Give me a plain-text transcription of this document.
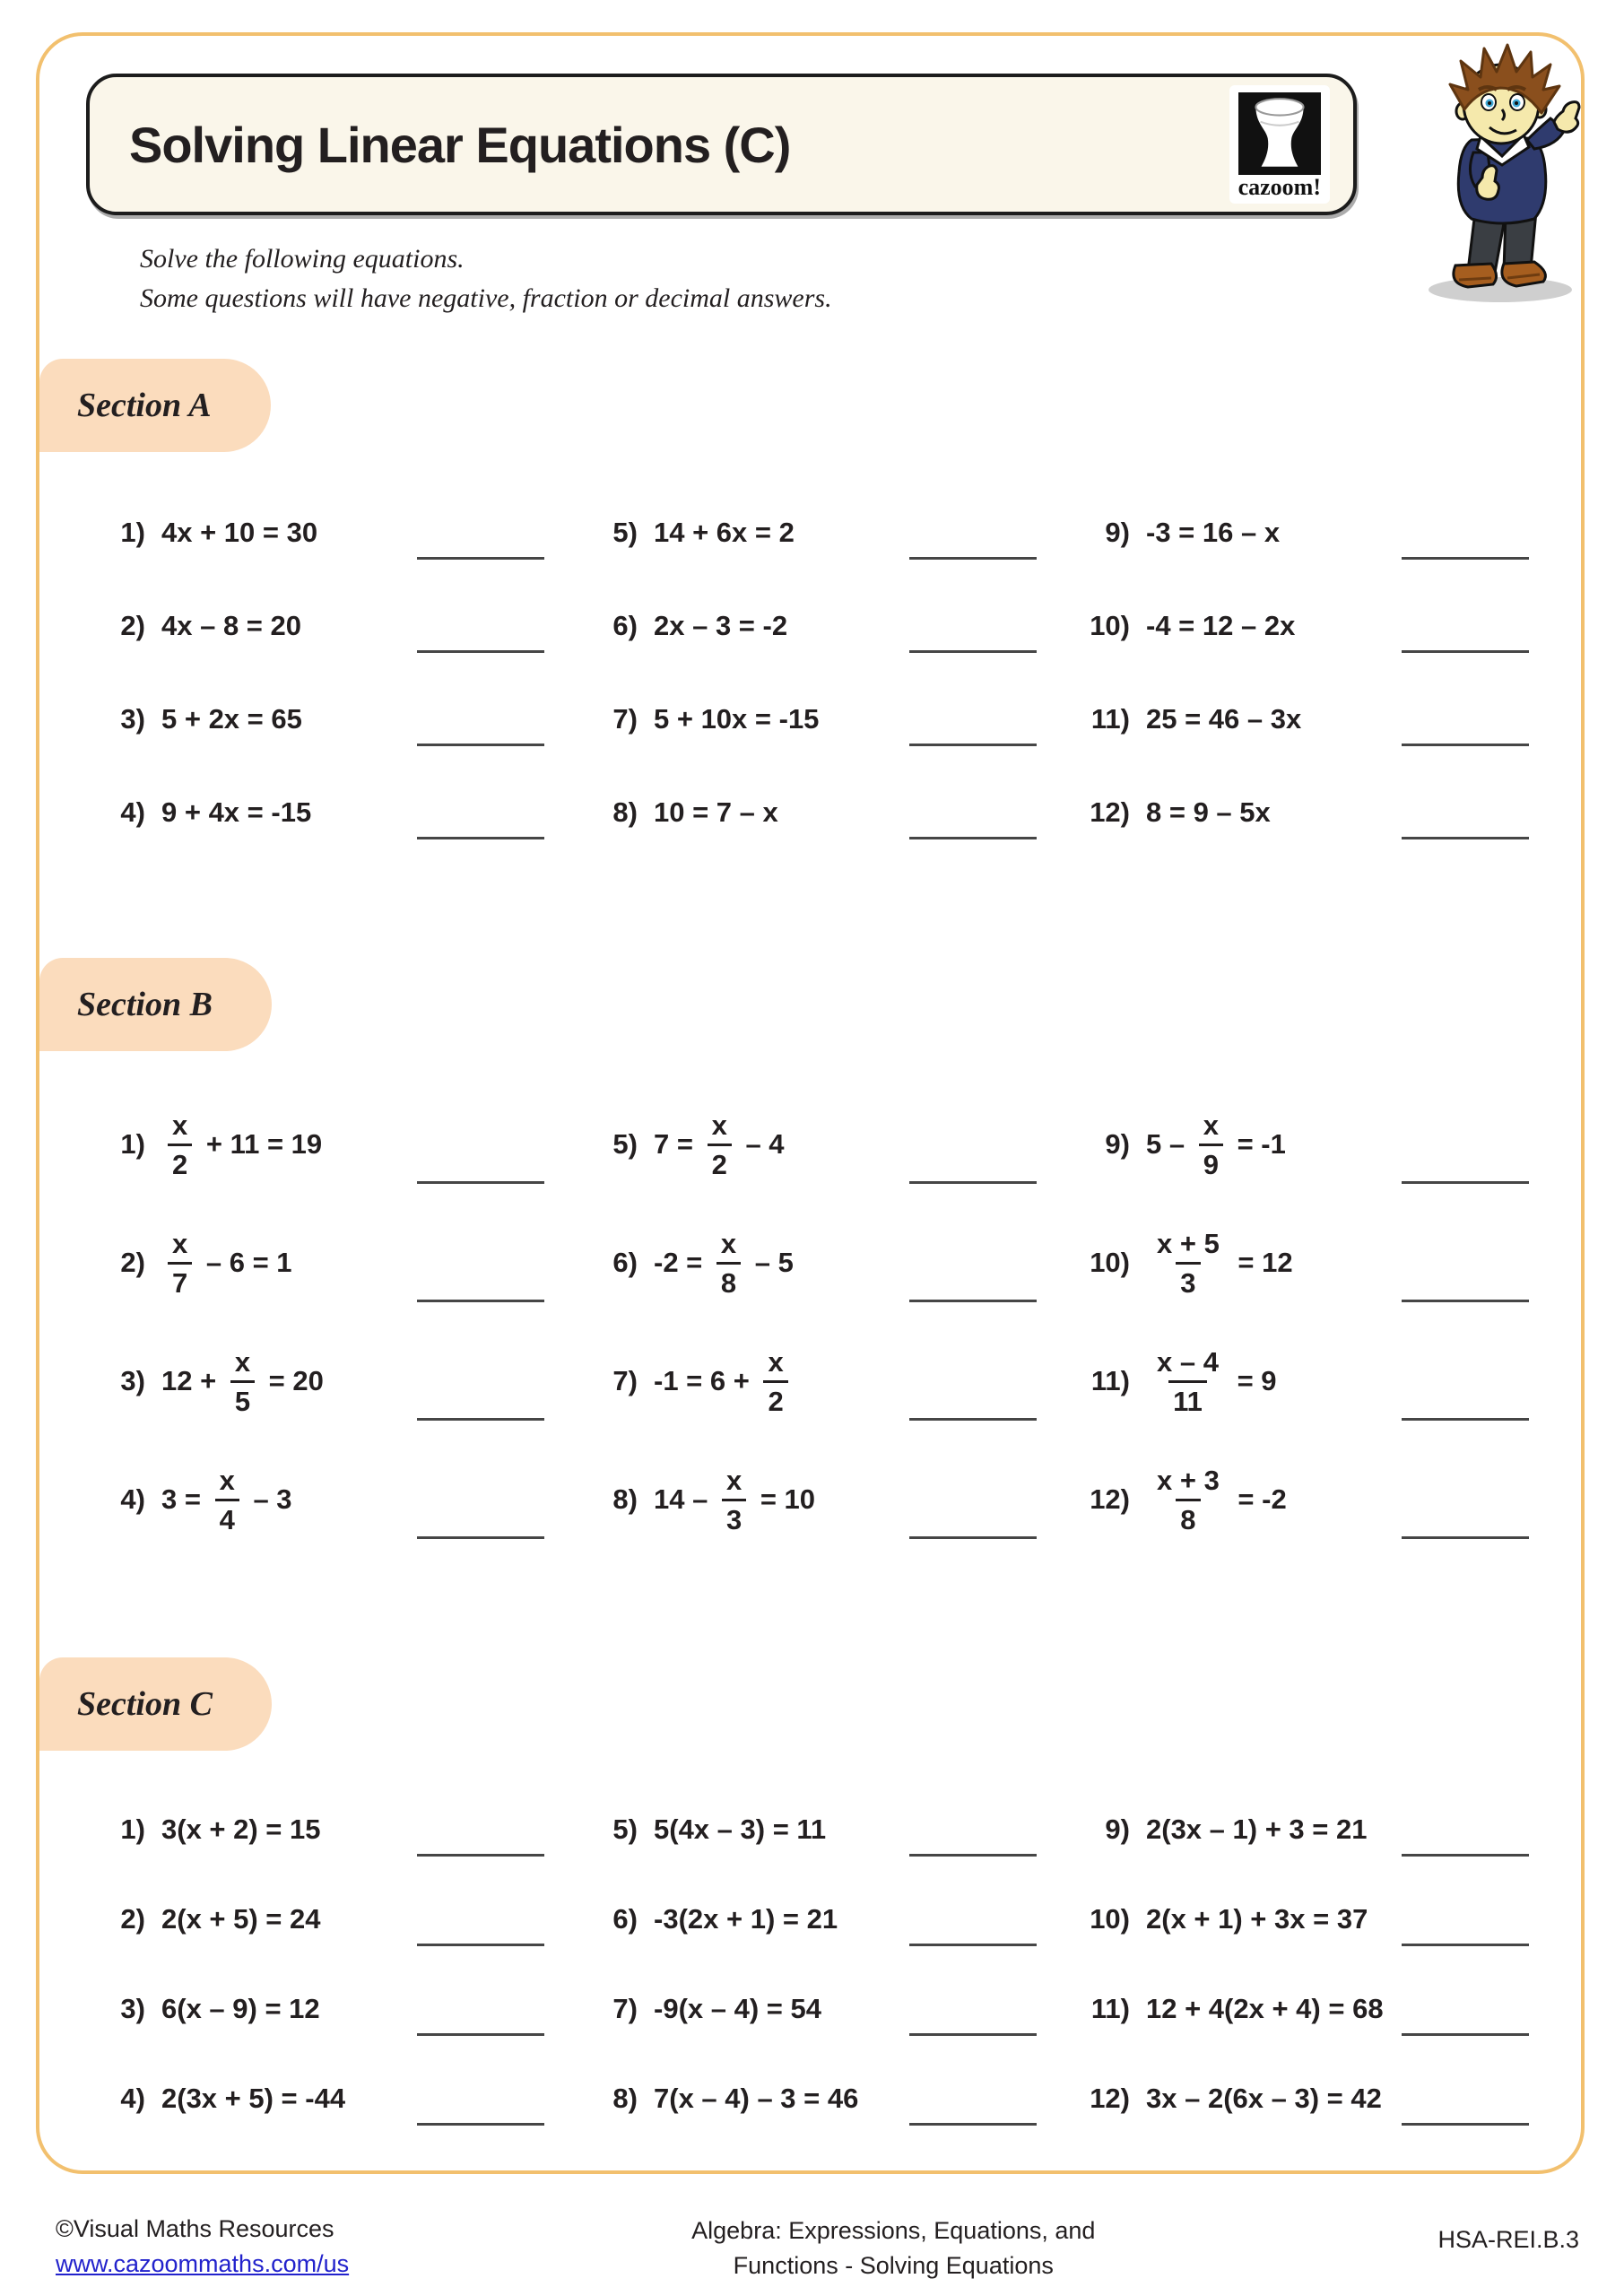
Solving Linear Equations (C)
cazoom!

Solve the following equations.

Some questions will have negative, fraction or decimal answers.

Section A
1) 4x + 10 = 30
2) 4x – 8 = 20
3) 5 + 2x = 65
4) 9 + 4x = -15
5) 14 + 6x = 2
6) 2x – 3 = -2
7) 5 + 10x = -15
8) 10 = 7 – x
9) -3 = 16 – x
10) -4 = 12 – 2x
11) 25 = 46 – 3x
12) 8 = 9 – 5x
Section B
$1) \frac{x}{2} + 11 = 19$
$2) \frac{x}{7} - 6 = 1$
3) $12 + \frac{x}{5} = 20$
4) $3 = \frac{x}{4} - 3$
5) $7 = \frac{x}{2} - 4$
6) $-2 = \frac{x}{8} - 5$
7) $-1 = 6 + \frac{x}{2}$
8) $14 - \frac{x}{3} = 10$
9) $5 - \frac{x}{9} = -1$
$10) \frac{x + 5}{3} = 12$
$11) \frac{x - 4}{11} = 9$
$12) \frac{x + 3}{8} = -2$
Section C
1) 3(x + 2) = 15
2) 2(x + 5) = 24
3) 6(x – 9) = 12
4) 2(3x + 5) = -44
5) 5(4x – 3) = 11
6) -3(2x + 1) = 21
7) -9(x – 4) = 54
8) 7(x – 4) – 3 = 46
9) 2(3x – 1) + 3 = 21
10) 2(x + 1) + 3x = 37
11) 12 + 4(2x + 4) = 68
12) 3x – 2(6x – 3) = 42
©Visual Maths Resources
www.cazoommaths.com/us
Algebra: Expressions, Equations, and
Functions - Solving Equations
HSA-REI.B.3
